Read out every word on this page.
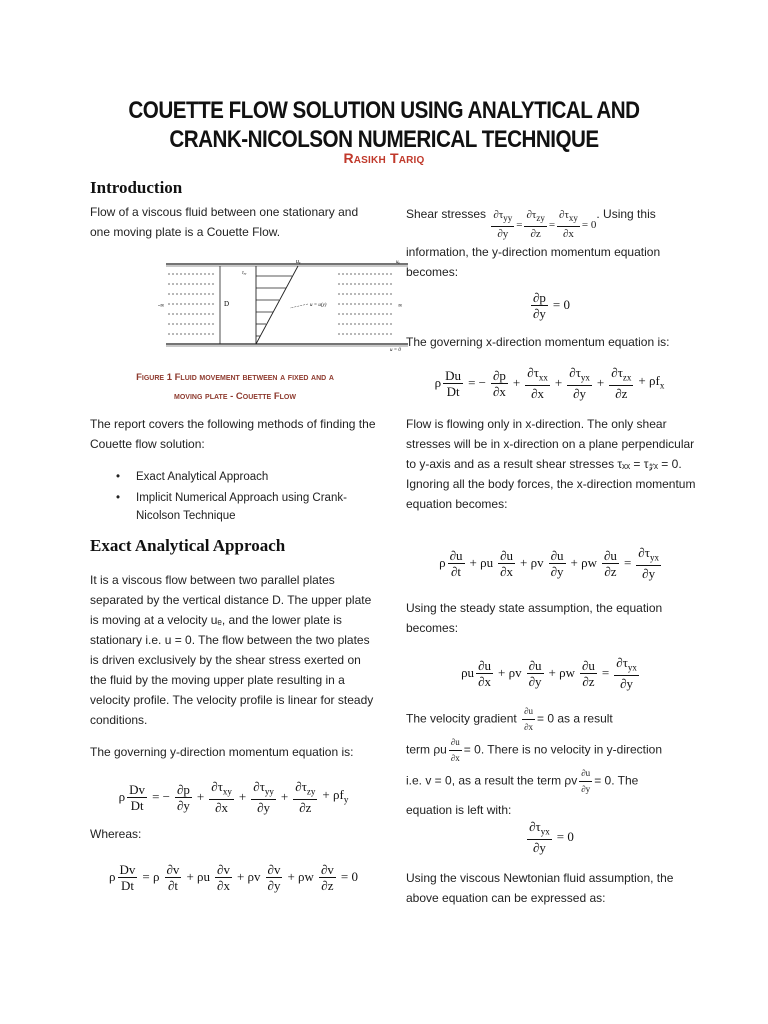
COUETTE FLOW SOLUTION USING ANALYTICAL AND CRANK-NICOLSON NUMERICAL TECHNIQUE
Rasikh Tariq
Introduction
Flow of a viscous fluid between one stationary and one moving plate is a Couette Flow.
uₑ
τₓᵧ
D	u = u(y)
u = 0
-∞	∞
uₑ
Figure 1 Fluid movement between a fixed and a
moving plate - Couette Flow
The report covers the following methods of finding the Couette flow solution:
• Exact Analytical Approach
• Implicit Numerical Approach using Crank-Nicolson Technique
Exact Analytical Approach
It is a viscous flow between two parallel plates separated by the vertical distance D. The upper plate is moving at a velocity uₑ, and the lower plate is stationary i.e. u = 0. The flow between the two plates is driven exclusively by the shear stress exerted on the fluid by the moving upper plate resulting in a velocity profile. The velocity profile is linear for steady conditions.
The governing y-direction momentum equation is:
ρ $\frac{Dv}{Dt}$ = − $\frac{\partial p}{\partial y}$ +
$\partial\tau_{xy}$
∂x
+
$\partial\tau_{yy}$
∂y
+
$\partial\tau_{zy}$
∂z
+ $\rho f_y$
Whereas:
ρ $\frac{Dv}{Dt} = \rho$ ∂v
∂t
+ ρu ∂v
∂x
+ ρv ∂v
∂y
+ ρw $\frac{\partial v}{\partial z} = 0$
Shear stresses $\partial\tau_{yy}$
∂y
=
$\partial\tau_{zy}$
∂z
=
$\partial\tau_{xy}$
∂x
= 0. Using this information, the y-direction momentum equation becomes:
$\frac{\partial p}{\partial y} = 0$
The governing x-direction momentum equation is:
ρ $\frac{Du}{Dt}$ = − $\frac{\partial p}{\partial x}$ +
$\partial\tau_{xx}$
∂x
+
$\partial\tau_{yx}$
∂y
+
$\partial\tau_{zx}$
∂z
+ $\rho f_x$
Flow is flowing only in x-direction. The only shear stresses will be in x-direction on a plane perpendicular to y-axis and as a result shear stresses τₓₓ = τ𝓏ₓ = 0. Ignoring all the body forces, the x-direction momentum equation becomes:
ρ ∂u
∂t
+ ρu ∂u
∂x
+ ρv ∂u
∂y
+ ρw $\frac{\partial u}{\partial z}$ =
$\partial\tau_{yx}$
∂y
Using the steady state assumption, the equation becomes:
ρu ∂u
∂x
+ ρv ∂u
∂y
+ ρw $\frac{\partial u}{\partial z}$ =
$\partial\tau_{yx}$
∂y
The velocity gradient $\frac{\partial u}{\partial x} = 0$ as a result
term ρu $\frac{\partial u}{\partial x} = 0$. There is no velocity in y-direction
i.e. v = 0, as a result the term ρv $\frac{\partial u}{\partial y} = 0$. The
equation is left with:
$\partial\tau_{yx}$
∂y
= 0
Using the viscous Newtonian fluid assumption, the above equation can be expressed as:
